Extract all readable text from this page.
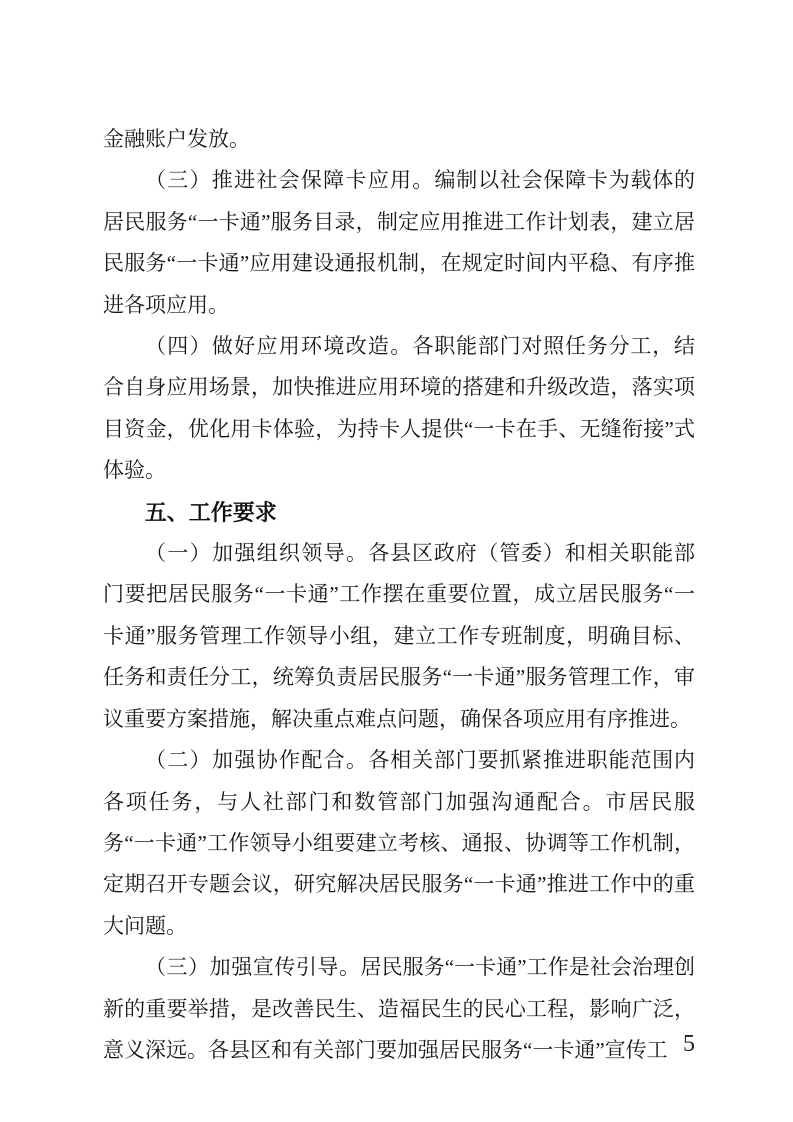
金融账户发放。

（三）推进社会保障卡应用。编制以社会保障卡为载体的居民服务“一卡通”服务目录，制定应用推进工作计划表，建立居民服务“一卡通”应用建设通报机制，在规定时间内平稳、有序推进各项应用。

（四）做好应用环境改造。各职能部门对照任务分工，结合自身应用场景，加快推进应用环境的搭建和升级改造，落实项目资金，优化用卡体验，为持卡人提供“一卡在手、无缝衔接”式体验。

五、工作要求

（一）加强组织领导。各县区政府（管委）和相关职能部门要把居民服务“一卡通”工作摆在重要位置，成立居民服务“一卡通”服务管理工作领导小组，建立工作专班制度，明确目标、任务和责任分工，统筹负责居民服务“一卡通”服务管理工作，审议重要方案措施，解决重点难点问题，确保各项应用有序推进。

（二）加强协作配合。各相关部门要抓紧推进职能范围内各项任务，与人社部门和数管部门加强沟通配合。市居民服务“一卡通”工作领导小组要建立考核、通报、协调等工作机制，定期召开专题会议，研究解决居民服务“一卡通”推进工作中的重大问题。

（三）加强宣传引导。居民服务“一卡通”工作是社会治理创新的重要举措，是改善民生、造福民生的民心工程，影响广泛，意义深远。各县区和有关部门要加强居民服务“一卡通”宣传工 5
